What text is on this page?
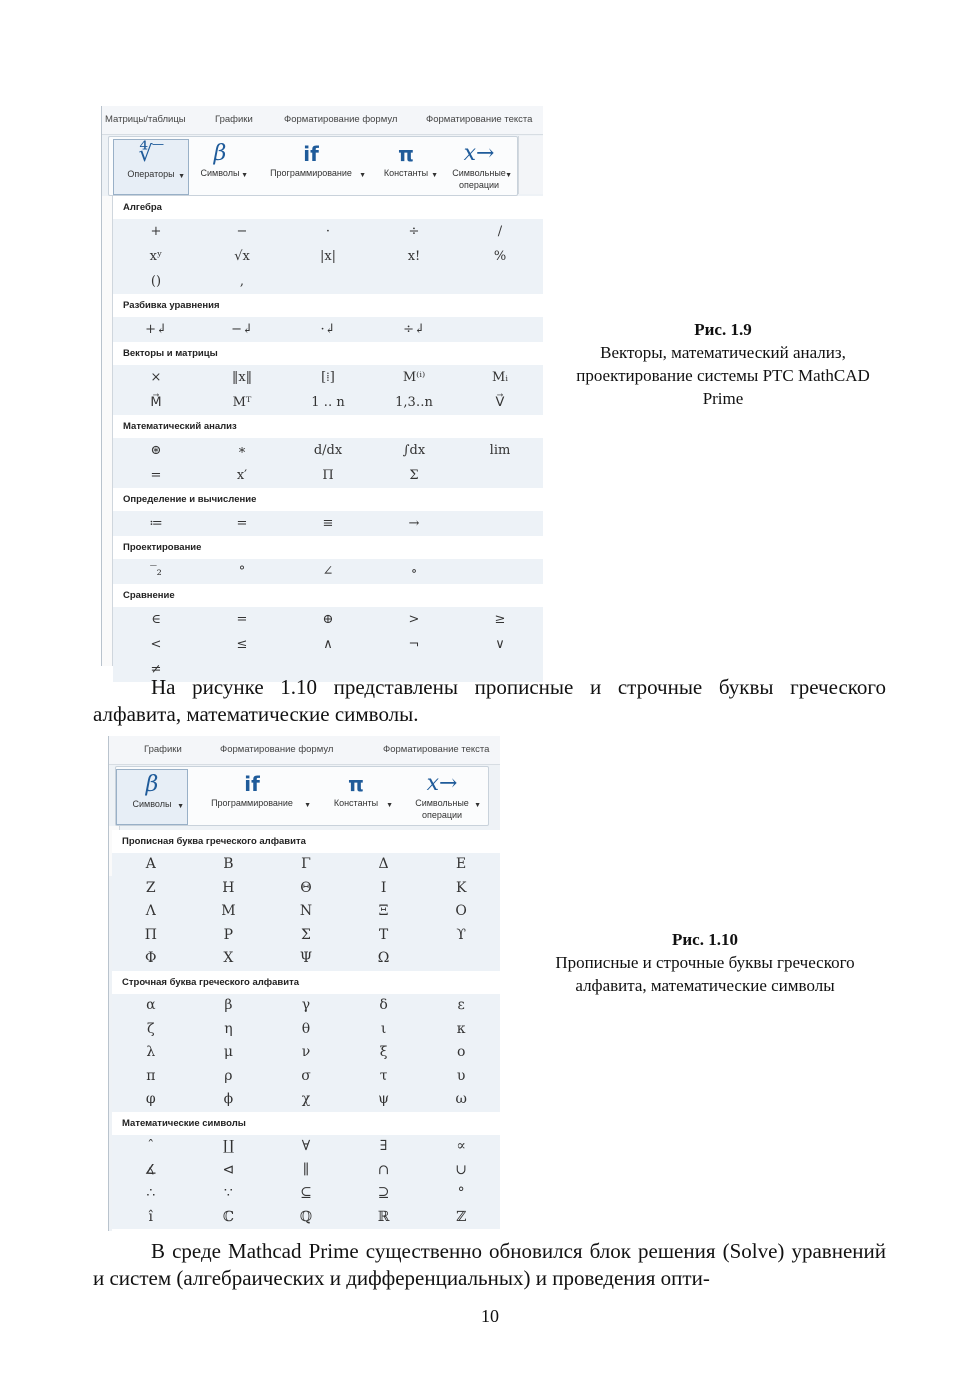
Матрицы/таблицы	Графики	Форматирование формул	Форматирование текста
∜‾
Операторы ▼
β
Символы ▼
if
Программирование	▼
π
Константы ▼
x→
Символьные
операции
▼
Алгебра
+	−	·	÷	/
xʸ	√x	|x|	x!	%
()	,
Разбивка уравнения
+↲	−↲	·↲	÷↲
Векторы и матрицы
×	‖x‖	[⁞]	M⁽ⁱ⁾	Mᵢ
M⃗	Mᵀ	1 ‥ n	1,3‥n	V⃗
Математический анализ
⊛	∗	d/dx	∫dx	lim
=	x′	Π	Σ
Определение и вычисление
≔	=	≡	→
Проектирование
‾₂	°	∠	∘
Сравнение
∈	=	⊕	>	≥
<	≤	∧	¬	∨
≠
Рис. 1.9
Векторы, математический анализ, проектирование системы PTC MathCAD Prime
На рисунке 1.10 представлены прописные и строчные буквы греческого алфавита, математические символы.
Графики	Форматирование формул	Форматирование текста
β
Символы ▼
if
Программирование	▼
π
Константы	▼
x→
Символьные
операции
▼
Прописная буква греческого алфавита
Α	Β	Γ	Δ	Ε
Ζ	Η	Θ	Ι	Κ
Λ	Μ	Ν	Ξ	Ο
Π	Ρ	Σ	Τ	ϒ
Φ	Χ	Ψ	Ω
Строчная буква греческого алфавита
α	β	γ	δ	ε
ζ	η	θ	ι	κ
λ	μ	ν	ξ	ο
π	ρ	σ	τ	υ
φ	ϕ	χ	ψ	ω
Математические символы
ˆ	∐	∀	∃	∝
∡	⊲	∥	∩	∪
∴	∵	⊆	⊇	°
î	ℂ	ℚ	ℝ	ℤ
Рис. 1.10
Прописные и строчные буквы греческого алфавита, математические символы
В среде Mathcad Prime существенно обновился блок решения (Solve) уравнений и систем (алгебраических и дифференциальных) и проведения опти-
10
